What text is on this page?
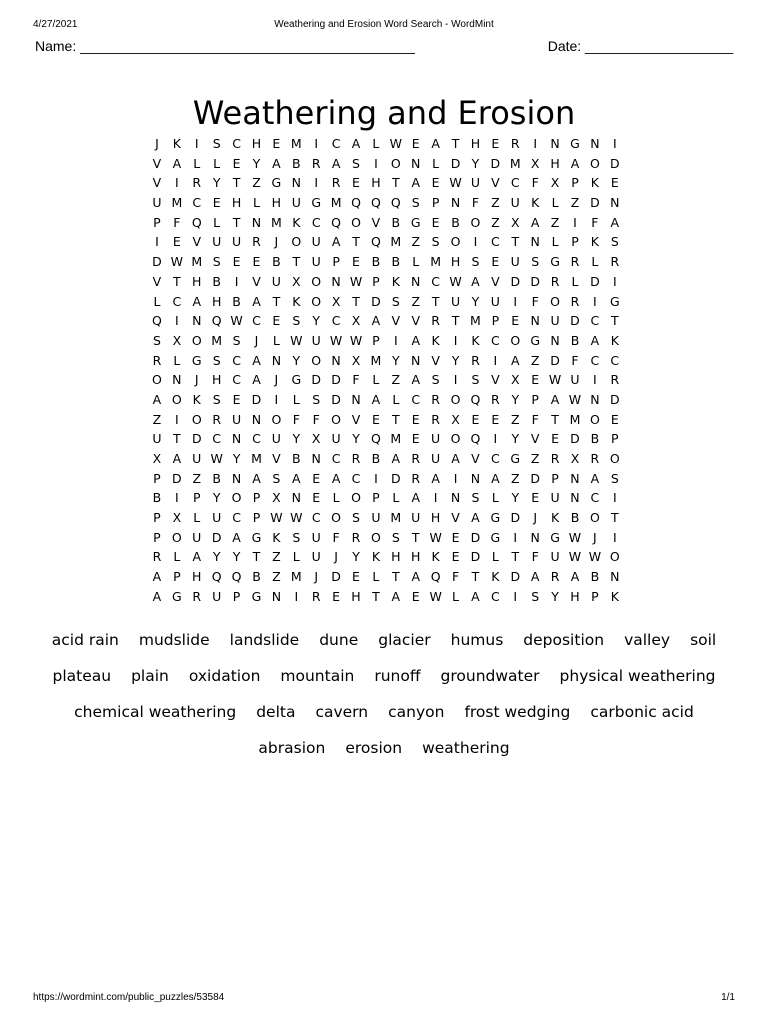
4/27/2021	Weathering and Erosion Word Search - WordMint
Name: ___________________________________________	Date: ___________________
Weathering and Erosion
J	K	I	S C H E M	I	C A L W E A T H E R	I	N G N	I
V A L	L E Y A B R A S	I	O N L D Y D M X H A O D
V	I	R Y T Z G N	I	R E H T A E W U V C F X P K E
U M C E H L H U G M Q Q Q S P N F Z U K L Z D N
P	F Q L	T N M K C Q O V B G E B O Z X A Z	I	F A
I	E V U U R	J	O U A T Q M Z S O	I	C T N L	P K S
D W M S E E B T U P E B B L M H S E U S G R L R
V T H B	I	V U X O N W P K N C W A V D D R L D	I
L C A H B A T K O X T D S Z T U Y U	I	F O R	I	G
Q	I	N Q W C E S Y C X A V V R T M P E N U D C T
S X O M S	J	L W U W W P	I	A K	I	K C O G N B A K
R L G S C A N Y O N X M Y N V Y R	I	A Z D F C C
O N	J	H C A	J	G D D F	L Z A S	I	S V X E W U	I	R
A O K S E D	I	L S D N A L C R O Q R Y P A W N D
Z	I	O R U N O F	F O V E T E R X E E Z F T M O E
U T D C N C U Y X U Y Q M E U O Q	I	Y V E D B P
X A U W Y M V B N C R B A R U A V C G Z R X R O
P D Z B N A S A E A C	I	D R A	I	N A Z D P N A S
B	I	P Y O P X N E L O P	L A	I	N S L	Y E U N C	I
P X L U C P W W C O S U M U H V A G D	J	K B O T
P O U D A G K S U F R O S T W E D G	I	N G W J	I
R L A Y Y T Z L U	J	Y K H H K E D L	T F U W W O
A P H Q Q B Z M	J	D E L	T A Q F T K D A R A B N
A G R U P G N	I	R E H T A E W L A C	I	S Y H P K
acid rain mudslide landslide dune glacier humus deposition valley soil
plateau plain oxidation mountain runoff groundwater physical weathering
chemical weathering delta cavern canyon frost wedging carbonic acid
abrasion erosion weathering
https://wordmint.com/public_puzzles/53584	1/1
